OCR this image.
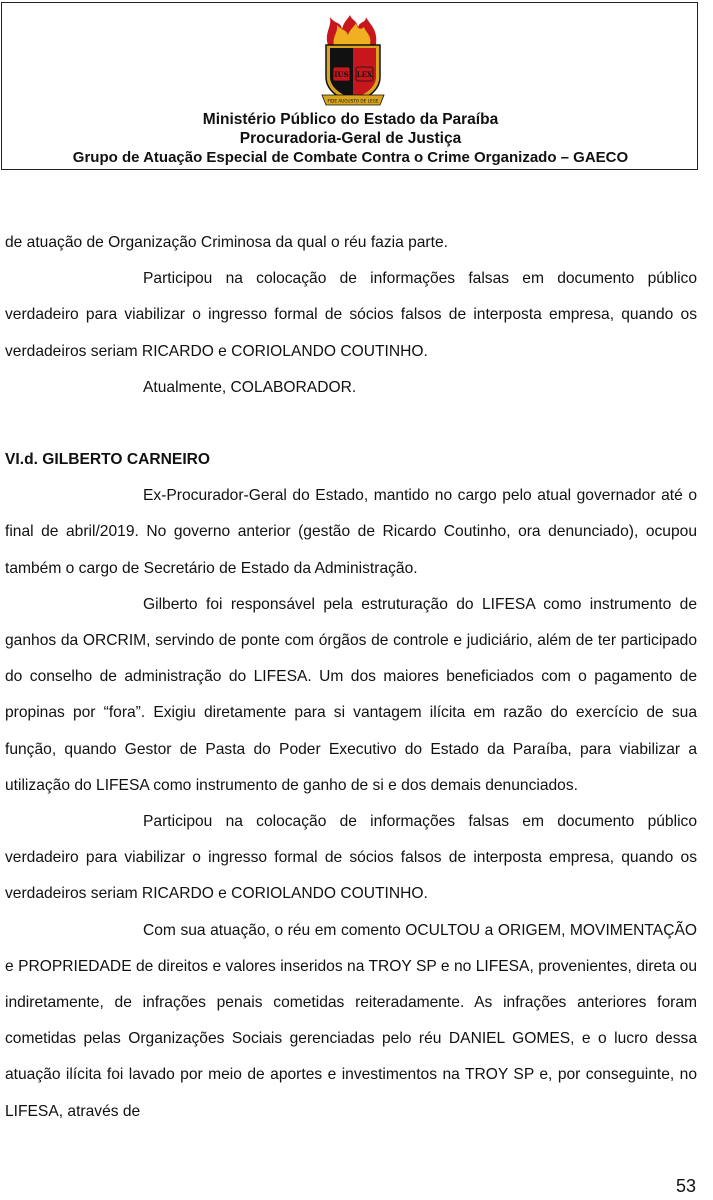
IUS LEX
FIDE AUGUSTO DE LEGE
Ministério Público do Estado da Paraíba
Procuradoria-Geral de Justiça
Grupo de Atuação Especial de Combate Contra o Crime Organizado – GAECO

de atuação de Organização Criminosa da qual o réu fazia parte.

Participou na colocação de informações falsas em documento público verdadeiro para viabilizar o ingresso formal de sócios falsos de interposta empresa, quando os verdadeiros seriam RICARDO e CORIOLANDO COUTINHO.

Atualmente, COLABORADOR.

VI.d. GILBERTO CARNEIRO

Ex-Procurador-Geral do Estado, mantido no cargo pelo atual governador até o final de abril/2019. No governo anterior (gestão de Ricardo Coutinho, ora denunciado), ocupou também o cargo de Secretário de Estado da Administração.

Gilberto foi responsável pela estruturação do LIFESA como instrumento de ganhos da ORCRIM, servindo de ponte com órgãos de controle e judiciário, além de ter participado do conselho de administração do LIFESA. Um dos maiores beneficiados com o pagamento de propinas por “fora”. Exigiu diretamente para si vantagem ilícita em razão do exercício de sua função, quando Gestor de Pasta do Poder Executivo do Estado da Paraíba, para viabilizar a utilização do LIFESA como instrumento de ganho de si e dos demais denunciados.

Participou na colocação de informações falsas em documento público verdadeiro para viabilizar o ingresso formal de sócios falsos de interposta empresa, quando os verdadeiros seriam RICARDO e CORIOLANDO COUTINHO.

Com sua atuação, o réu em comento OCULTOU a ORIGEM, MOVIMENTAÇÃO e PROPRIEDADE de direitos e valores inseridos na TROY SP e no LIFESA, provenientes, direta ou indiretamente, de infrações penais cometidas reiteradamente. As infrações anteriores foram cometidas pelas Organizações Sociais gerenciadas pelo réu DANIEL GOMES, e o lucro dessa atuação ilícita foi lavado por meio de aportes e investimentos na TROY SP e, por conseguinte, no LIFESA, através de

53
